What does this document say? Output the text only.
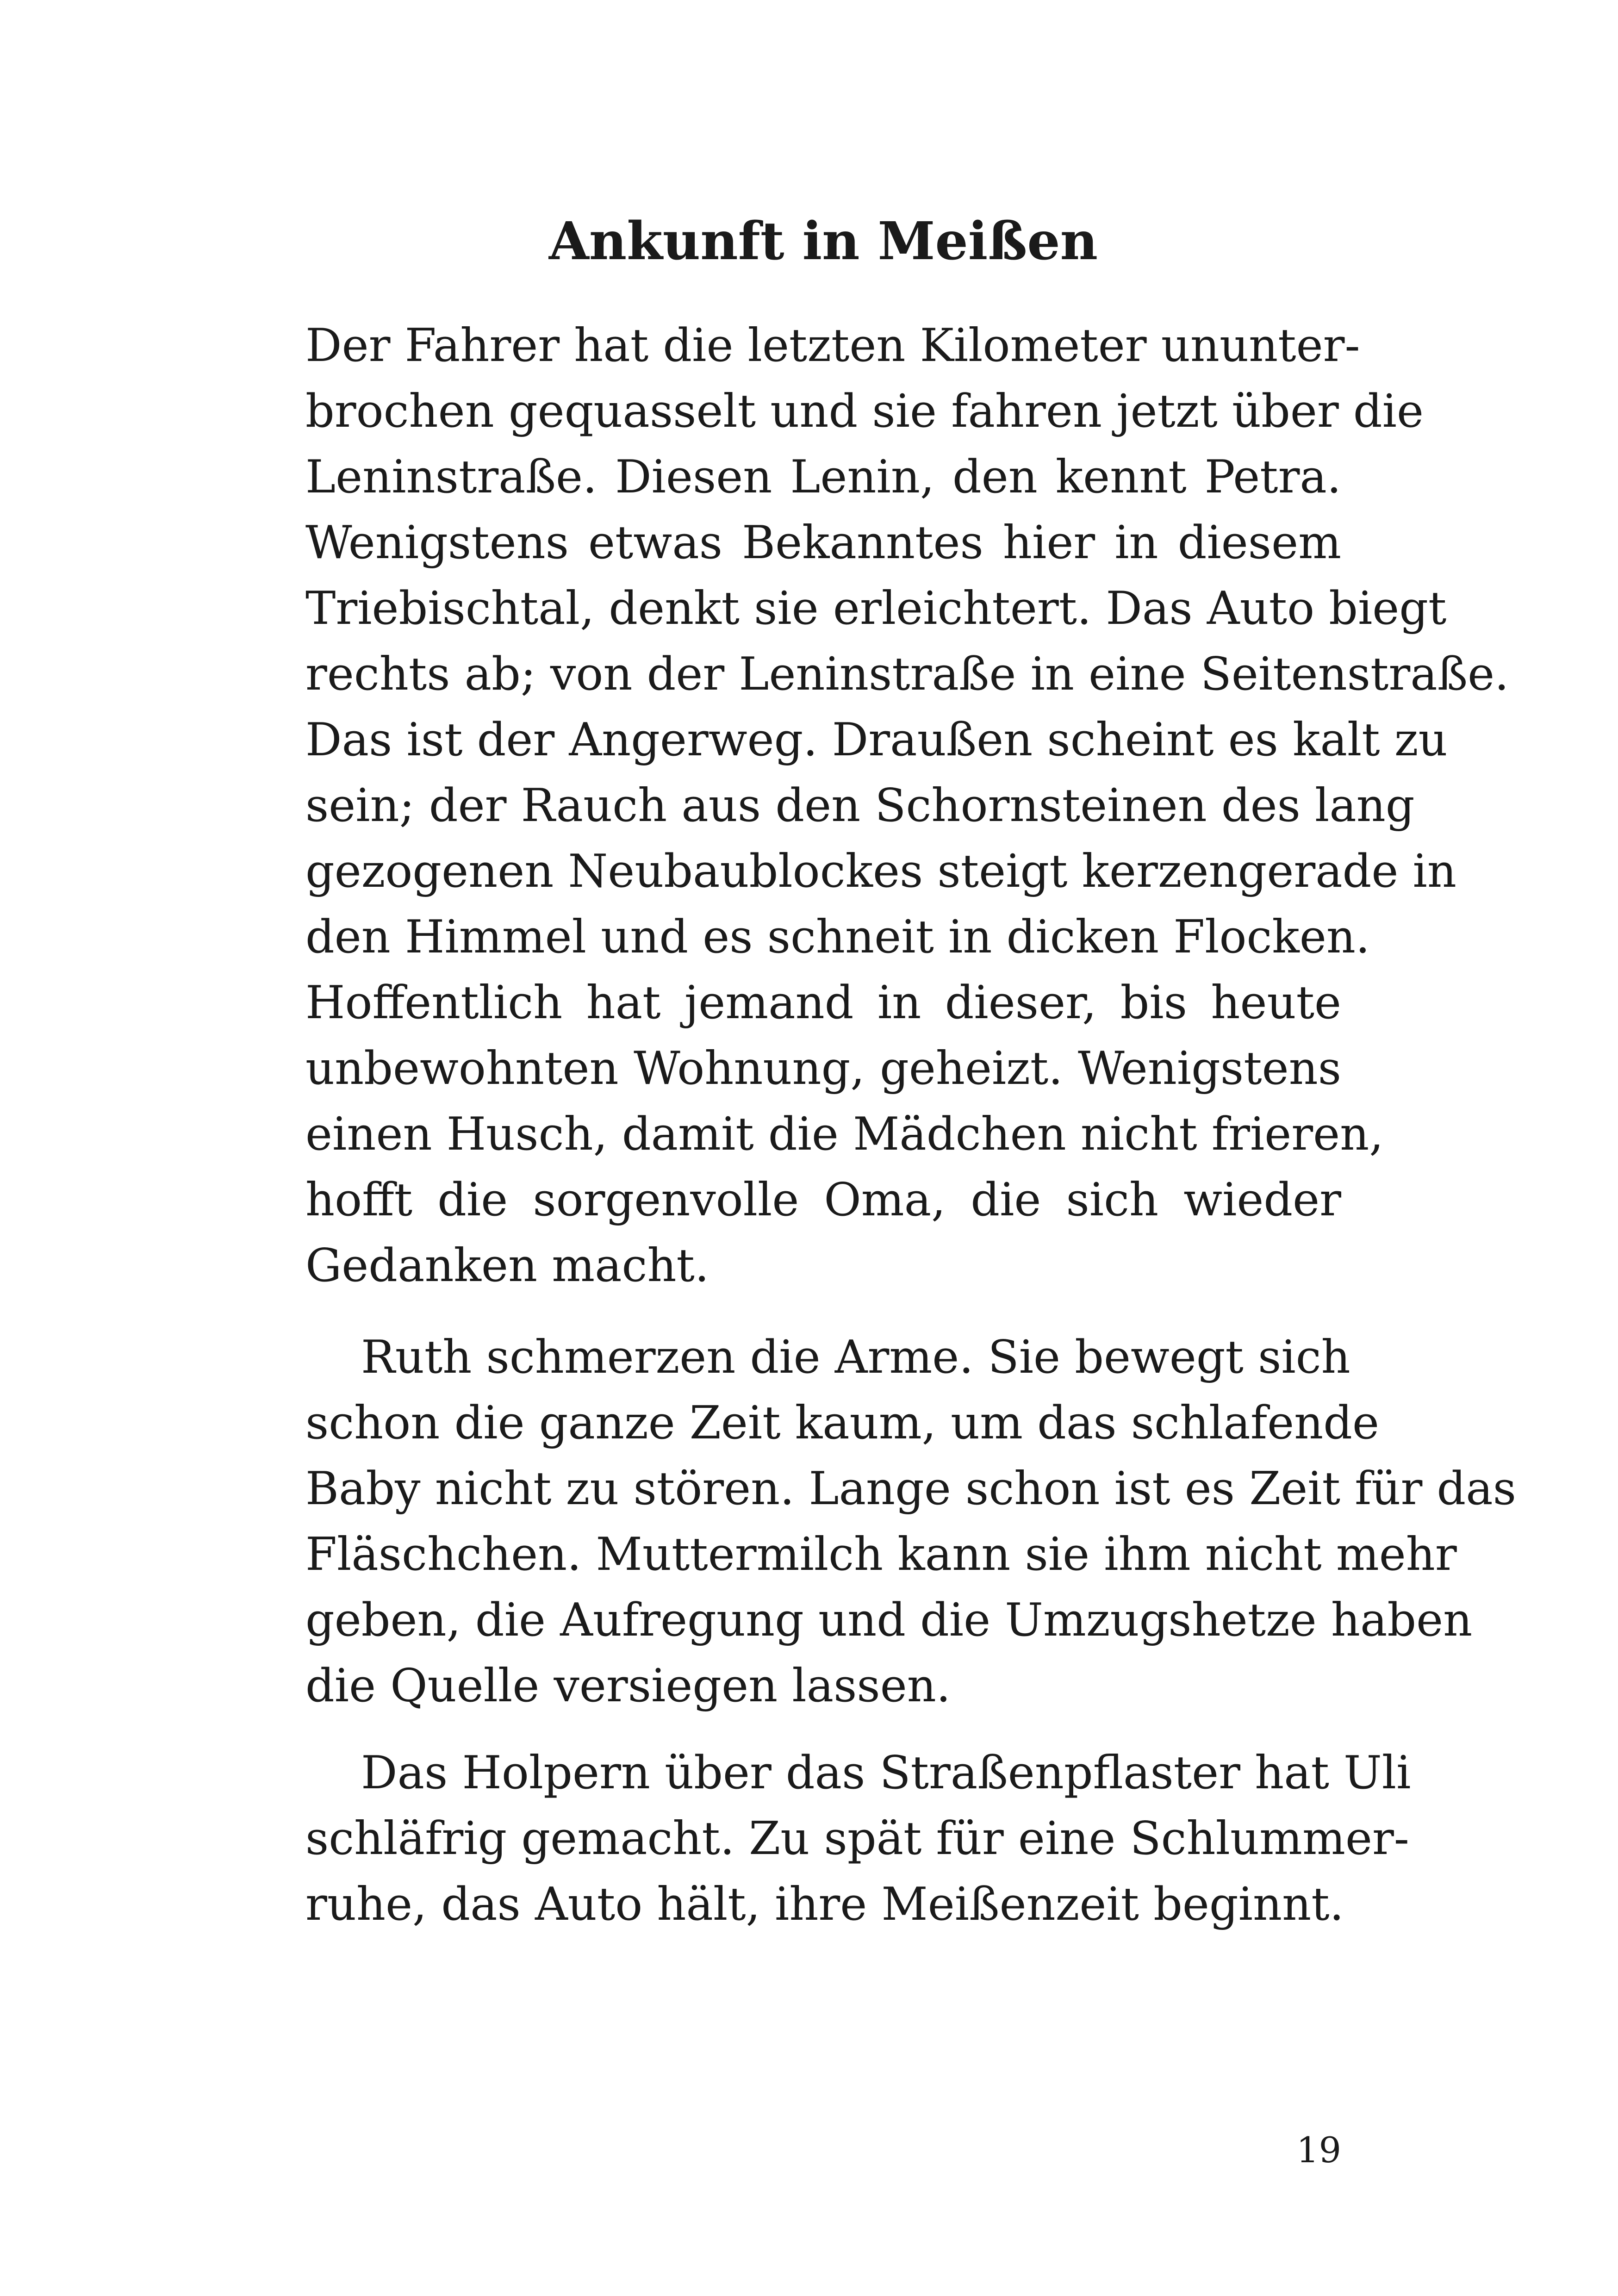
Ankunft in Meißen
Der Fahrer hat die letzten Kilometer ununter-
brochen gequasselt und sie fahren jetzt über die
Leninstraße. Diesen Lenin, den kennt Petra.
Wenigstens etwas Bekanntes hier in diesem
Triebischtal, denkt sie erleichtert. Das Auto biegt
rechts ab; von der Leninstraße in eine Seitenstraße.
Das ist der Angerweg. Draußen scheint es kalt zu
sein; der Rauch aus den Schornsteinen des lang
gezogenen Neubaublockes steigt kerzengerade in
den Himmel und es schneit in dicken Flocken.
Hoffentlich hat jemand in dieser, bis heute
unbewohnten Wohnung, geheizt. Wenigstens
einen Husch, damit die Mädchen nicht frieren,
hofft die sorgenvolle Oma, die sich wieder
Gedanken macht.
Ruth schmerzen die Arme. Sie bewegt sich
schon die ganze Zeit kaum, um das schlafende
Baby nicht zu stören. Lange schon ist es Zeit für das
Fläschchen. Muttermilch kann sie ihm nicht mehr
geben, die Aufregung und die Umzugshetze haben
die Quelle versiegen lassen.
Das Holpern über das Straßenpflaster hat Uli
schläfrig gemacht. Zu spät für eine Schlummer-
ruhe, das Auto hält, ihre Meißenzeit beginnt.
19
